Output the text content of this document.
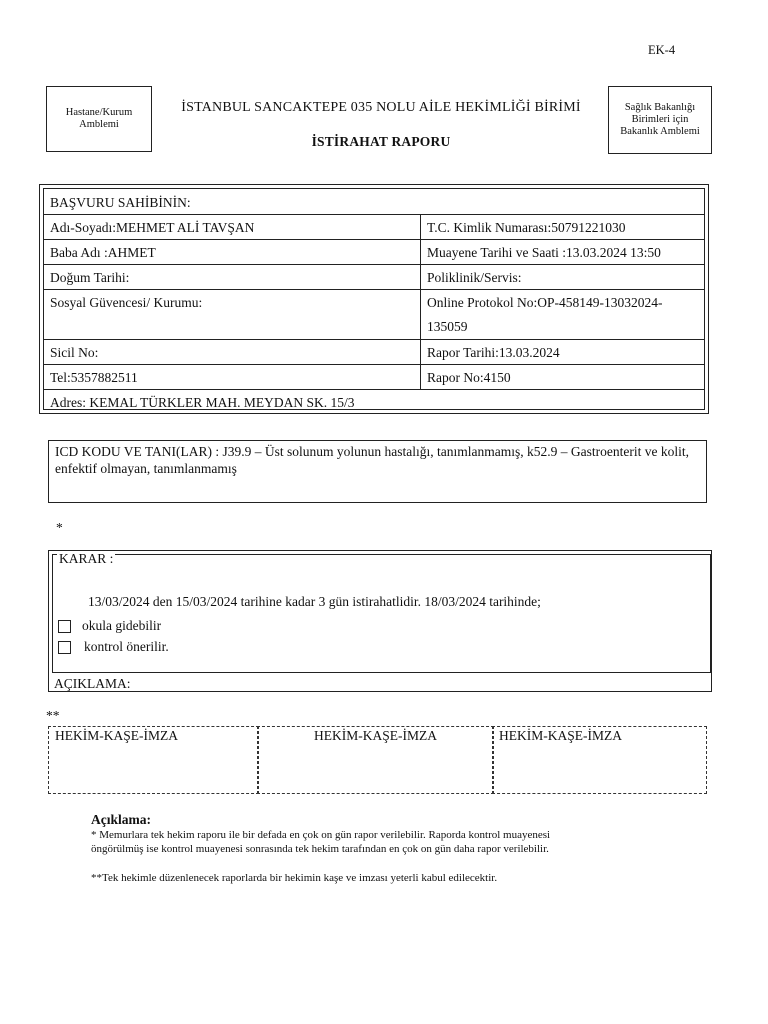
EK-4
Hastane/Kurum Amblemi
İSTANBUL SANCAKTEPE 035 NOLU AİLE HEKİMLİĞİ BİRİMİ
İSTİRAHAT RAPORU
Sağlık Bakanlığı Birimleri için Bakanlık Amblemi
BAŞVURU SAHİBİNİN:
Adı-Soyadı:MEHMET ALİ TAVŞAN	T.C. Kimlik Numarası:50791221030
Baba Adı :AHMET	Muayene Tarihi ve Saati :13.03.2024 13:50
Doğum Tarihi:	Poliklinik/Servis:
Sosyal Güvencesi/ Kurumu:	Online Protokol No:OP-458149-13032024-135059
Sicil No:	Rapor Tarihi:13.03.2024
Tel:5357882511	Rapor No:4150
Adres: KEMAL TÜRKLER MAH. MEYDAN SK. 15/3
ICD KODU VE TANI(LAR) : J39.9 – Üst solunum yolunun hastalığı, tanımlanmamış, k52.9 – Gastroenterit ve kolit, enfektif olmayan, tanımlanmamış
*
KARAR :
13/03/2024 den 15/03/2024 tarihine kadar 3 gün istirahatlidir. 18/03/2024 tarihinde;
okula gidebilir
kontrol önerilir.
AÇIKLAMA:
**
HEKİM-KAŞE-İMZA	HEKİM-KAŞE-İMZA	HEKİM-KAŞE-İMZA
Açıklama:
* Memurlara tek hekim raporu ile bir defada en çok on gün rapor verilebilir. Raporda kontrol muayenesi
öngörülmüş ise kontrol muayenesi sonrasında tek hekim tarafından en çok on gün daha rapor verilebilir.
**Tek hekimle düzenlenecek raporlarda bir hekimin kaşe ve imzası yeterli kabul edilecektir.
